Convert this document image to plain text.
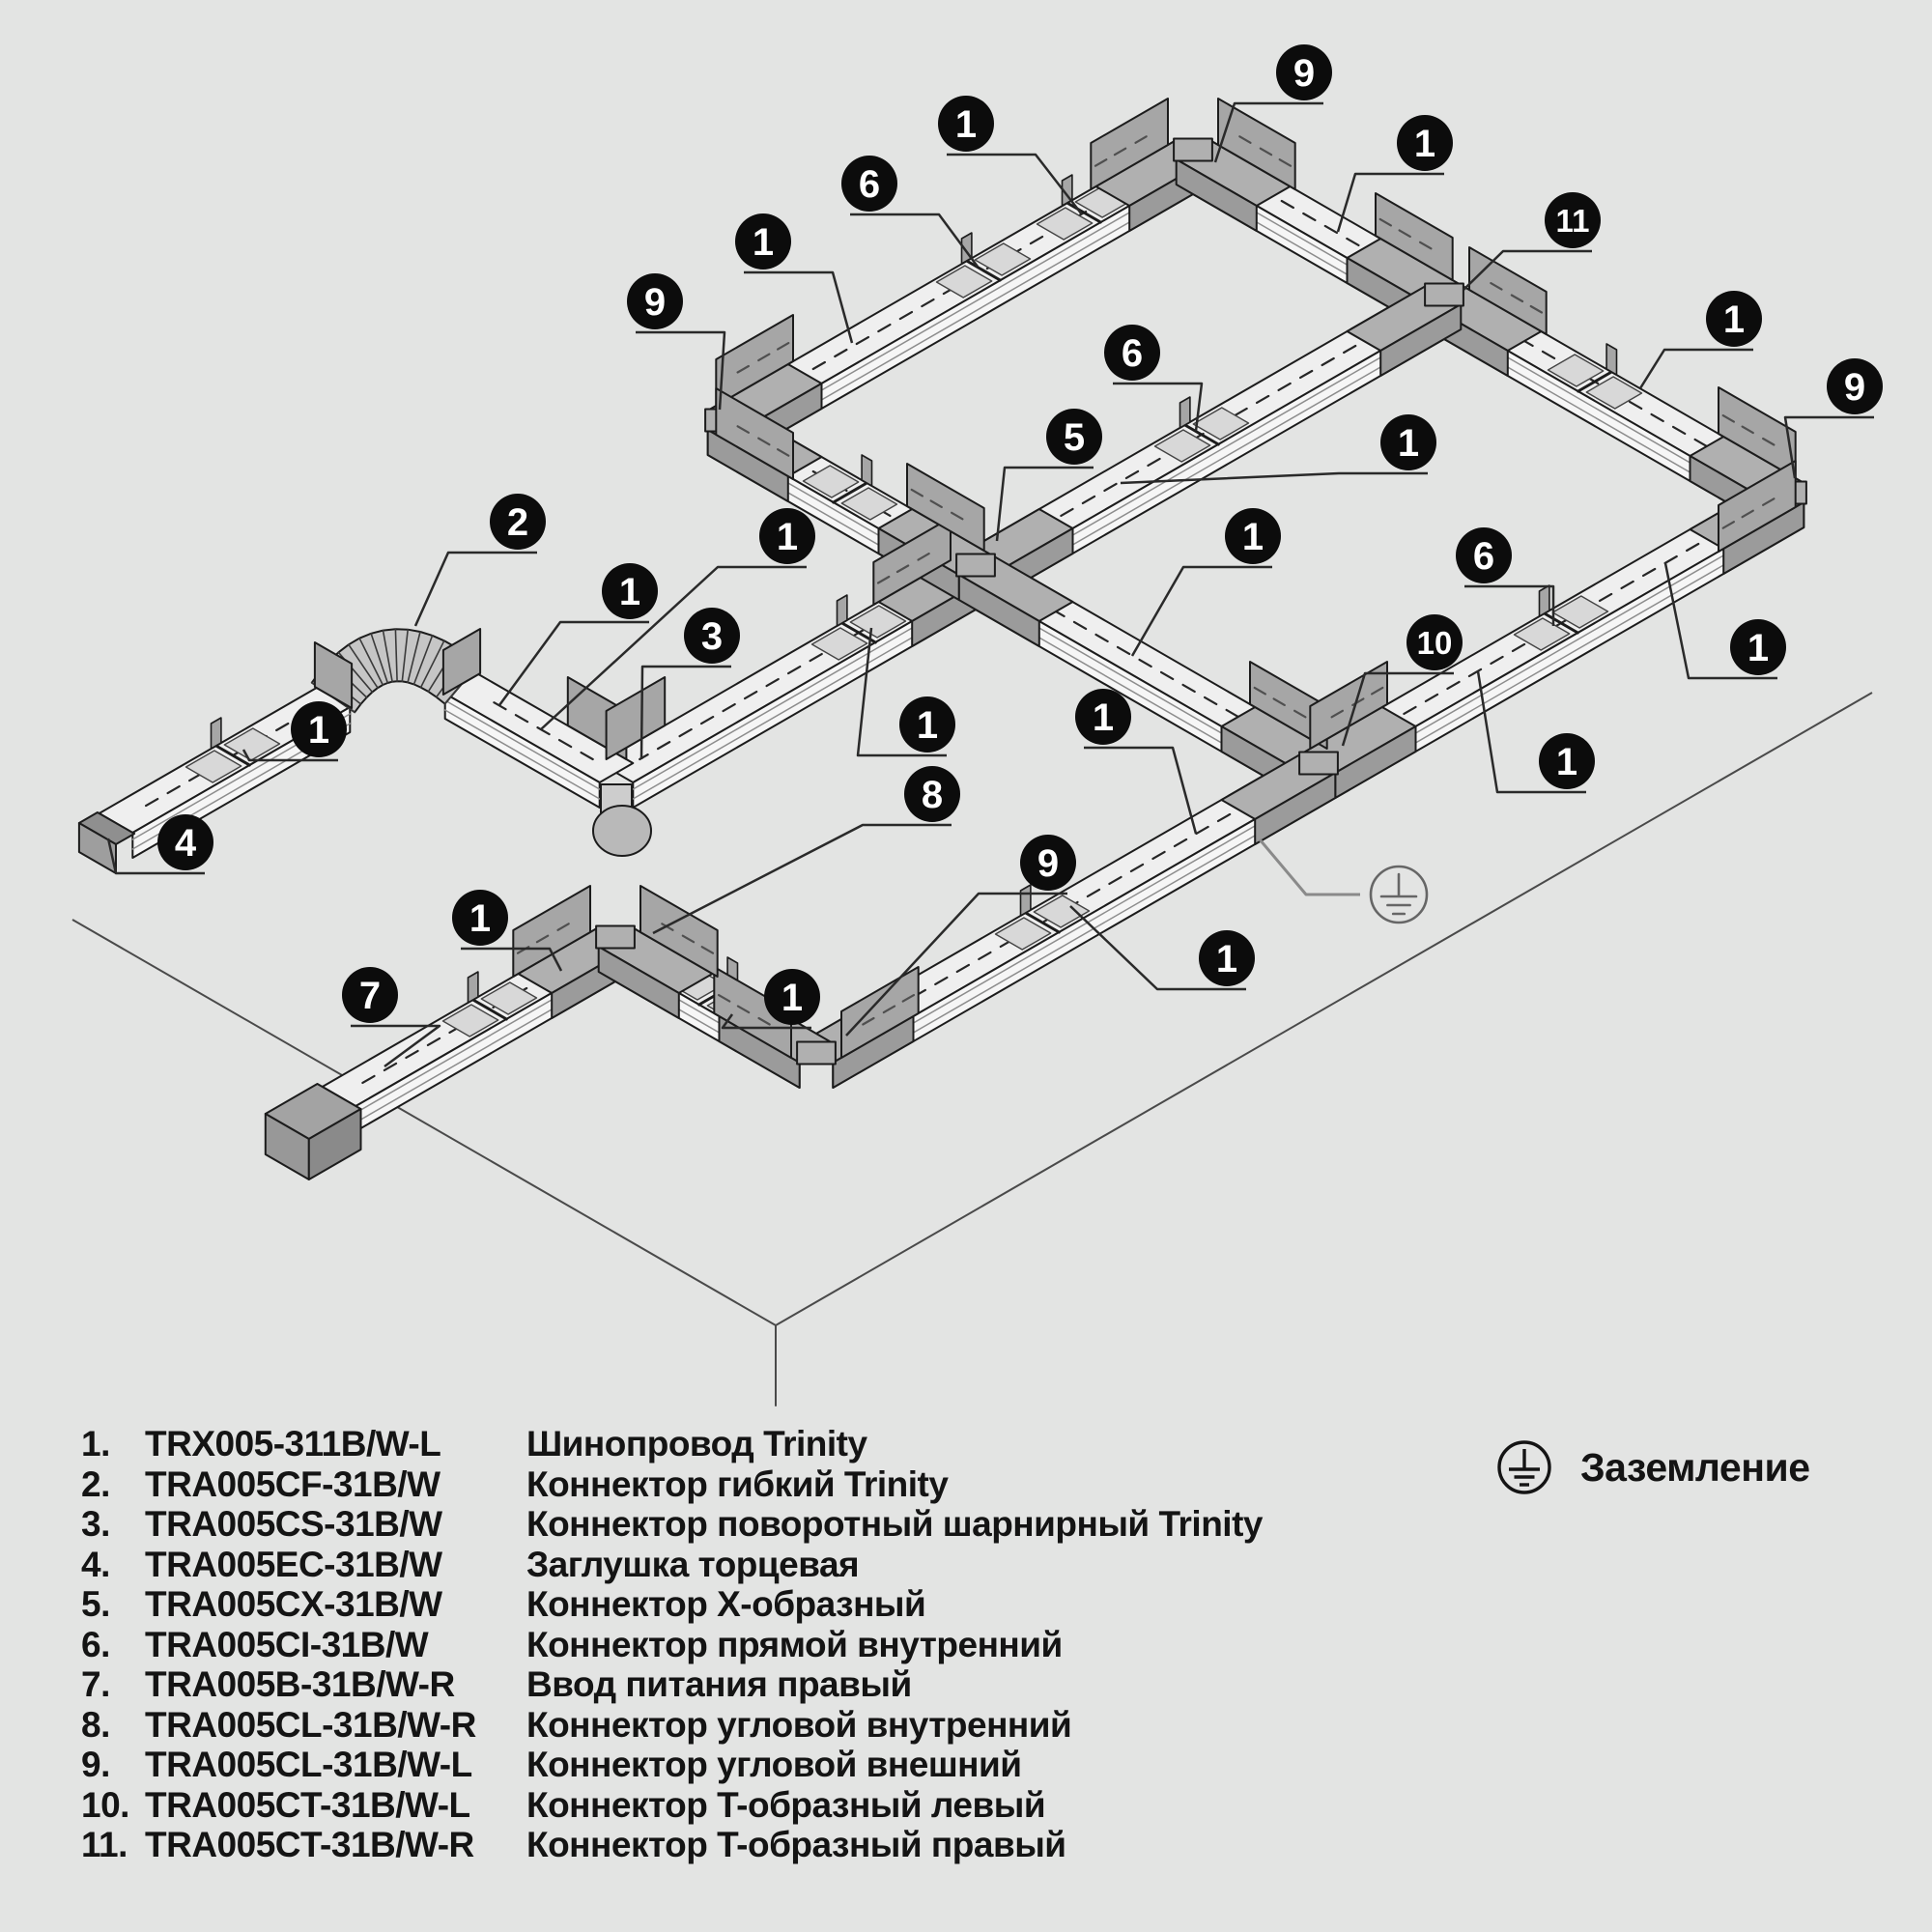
9
1	1
6
1
11
9	1
6
9
5	1
2	1	1	6
1
3	10	1
1	1	1
1
4
8
9
1
1
7	1
1. TRX005-311B/W-L Шинопровод Trinity
2. TRA005CF-31B/W Коннектор гибкий Trinity
3. TRA005CS-31B/W Коннектор поворотный шарнирный Trinity
4. TRA005EC-31B/W Заглушка торцевая
5. TRA005CX-31B/W Коннектор X-образный
6. TRA005CI-31B/W	Коннектор прямой внутренний
7. TRA005B-31B/W-R Ввод питания правый
8. TRA005CL-31B/W-R Коннектор угловой внутренний
9. TRA005CL-31B/W-L Коннектор угловой внешний
10. TRA005CT-31B/W-L Коннектор T-образный левый
11. TRA005CT-31B/W-R Коннектор T-образный правый
Заземление
